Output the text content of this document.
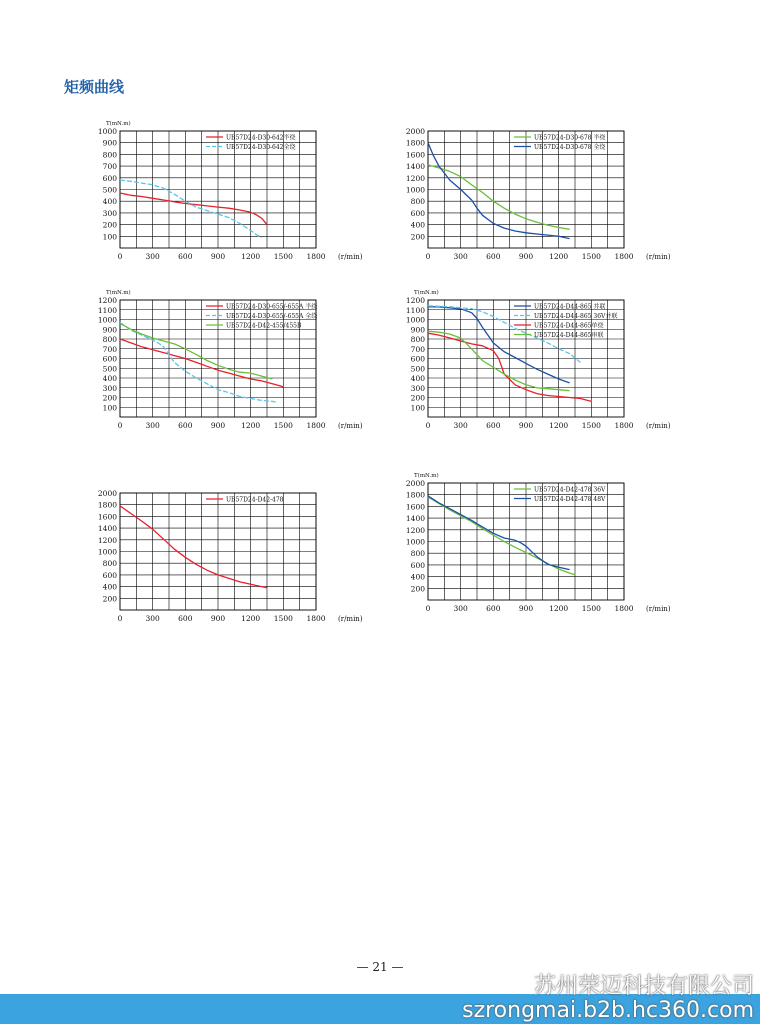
矩频曲线
100
200
300
400
500
600
700
800
900
1000
0	300 600 900 1200 1500 1800 (r/min)
T(mN.m)
UB57D24-D30-642半绕
UB57D24-D30-642全绕
200
400
600
800
1000
1200
1400
1600
1800
2000
0	300 600 900 1200 1500 1800 (r/min)
UB57D24-D30-678 半绕
UB57D24-D30-678 全绕
100
200
300
400
500
600
700
800
900
1000
1100
1200
0	300 600 900 1200 1500 1800 (r/min)
T(mN.m)
UB57D24-D30-655/-655A 半绕
UB57D24-D30-655/-655A 全绕
UB57D24-D42-455/455B
100
200
300
400
500
600
700
800
900
1000
1100
1200
0	300 600 900 1200 1500 1800 (r/min)
T(mN.m)
UB57D24-D44-865 并联
UB57D24-D44-865 36V并联
UB57D24-D44-865单绕
UB57D24-D44-865串联
200
400
600
800
1000
1200
1400
1600
1800
2000
0	300 600 900 1200 1500 1800 (r/min)
UB57D24-D42-478
200
400
600
800
1000
1200
1400
1600
1800
2000
0	300 600 900 1200 1500 1800 (r/min)
T(mN.m)
UB57D24-D42-478 36V
UB57D24-D42-478 48V
— 21 —
苏州荣迈科技有限公司
szrongmai.b2b.hc360.com
